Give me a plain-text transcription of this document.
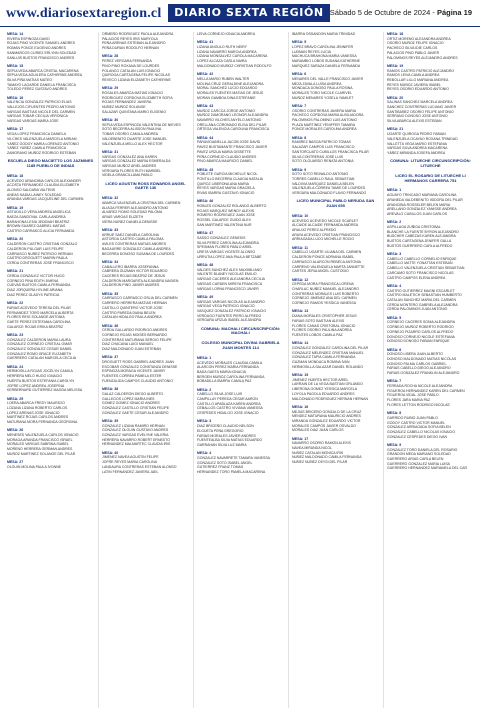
www.diariosextaregion.cl	DIARIO SEXTA REGIÓN Sábado 5 de Octubre de 2024 - Página 19
MESA: 14
RIVERA ESPINOZA DAVID
ROJAS PINO VICENTE SAMUEL ANDRES
ROMAN PONCE EUGENIO ANDRES
SANMARCOS CURIEZ ERLYNN SOLEDAD
SANLUIS BUSTOS FRANCISCO ANDRES
MESA: 15
SEPULVEDA ABARCA CRISTAL MACARENA
SEPULVEDA AGUILERA CATHERINE ANDREA
SILVA PIÑA MATIAS MATEO
TAMAYO LAGARDE DANIELA FRANCISCA
TOLEDO PEREZ GUSTAVO ANDRES
MESA: 16
VALENCIA GONZALEZ PATRICIO ELIAS
VALLEJOS CIFUENTES PEDRO ANTONIO
VARGAS BASTIAS NICOLE DEL CARMEN
VARGAS TOBAR CECILIA VERONICA
VARGAS VARGAS MARIA JOSE
MESA: 17
VEGA LOPEZ FRANCISCA DANIELA
VILCHES VALENZUELA MARCELA MIRIAM
YÁÑEZ GODOY MARIA LORENZO ANTONIO
YÁÑEZ YÁÑEZ CAMILA FRANCISCA
ZAMORANO MUÑOZ RODRIGO ESTEBAN
ESCUELA DIEGO MACIETTO LOS JAZMINES 1185 PUEBLO DE INDIAS
MESA: 18
ACEVEDO ARANCIBIA CARLOS ALEXANDER
ACOSTA FERNANDEZ CLAUDIA ELIZABETH
ALONSO SALDAÑA VALTENS
ANEAS NADIA LAINEY SOLEDAD
ARANDA VARGAS JACQUELINE DEL CARMEN
MESA: 19
ASTUDILLO VERA ANDREA ANGELICA
BAEZA SANDOVAL CARLA ANDREA
BARAHONA LEIVA JEDIDIAH BEATRIZ
BROWN SUAREZ GABRIEL MATIAS
CASTRO CARRASCO ALICIA FERNANDA
MESA: 20
CALDERON CASTRO CRISTIAN GONZALO
CALDERON PULGAR LUIS FELIPE
CARRASCO NUÑEZ PATRICIO HERNAN
CASTRO DROGUETT MAIRIN PAULA
CERDA CONTRERAS JOSE FRANCISCO
MESA: 21
CERDA GONZALEZ VICTOR HUGO
CORNEJO PINA EDITH JIMENA
CUEVAS BUSTOS CAMILA FERNANDA
DIAZ JORQUERA HYLINE ARIANA
DIAZ PEREZ GLADYS PATRICIA
MESA: 22
FARIAS ACEVEDO TERESA DEL PILAR
FERNANDEZ TORO MARCELA ALBERTA
FLORES REIG SOLANGE ANTONIA
GAETE PEREZ ESTEFANIA CAROLINA
GALARCE ROJAS ERIKA BEATRIZ
MESA: 23
GONZALEZ CALDERON MARIA LAURA
GONZALEZ CORNEJO CRISTIAL OMAR
GONZALEZ GONZALEZ CESAR DANIEL
GONZALEZ ROMO GRACE ELIZABETH
GUERRERO CATALAN MARCELA CECILIA
MESA: 24
HERMOSILLA ROJAS JOCELYN CAMILA
HERRERA MELO HUGO IGNACIO
HUERTA BUSTOS ESTEFANIA CAROLYN
JOFRE LOPEZ ANDREA JOSEFINA
KERBERNARD GUTIERREZ MAGDA MELISSA
MESA: 25
LOERA ABARCA FREDY MAURICIO
LOZANA LIZANA ROBERTO CARLOS
LOPEZ ARENAS JOSE IGNACIO
MARTINEZ ROJAS CARLOS ANDRES
MATURANA MORA FERNANDA GEORGINA
MESA: 26
MENESES VALENZUELA CARLOS IGNACIO
MORAGA ARANDA FRANCISCO ISRAEL
MORALES VARGAS SABRINA ISABEL
MORENO HERRERA GERMAN ANDRES
MUÑOZ MARTINEZ SOLANGE DEL PILAR
MESA: 27
OLGUIN MOLINA PAULA IVONNE
ORMEÑO RODRIGUEZ PAOLA ALEJANDRA
PALACIOS REYES IRIS MARYOLA
PEÑA ARENAS ESTEBAN ALEJANDRO
PEÑA DURAN RODOLFO HERNAN
MESA: 28
PEREZ VERGARA FERNANDA
PINO PINO ROXANA DE LOURDES
POLANCO CATALAN LUIS IGNACIO
QUIROGA CARTAGENA FELIPE NICOLAS
REVECO LIZANA ELIZABETH CATHERINE
MESA: 29
ROSALES ABARCA MATIAS IGNACIO
RODRIGUEZ CORDOVA ELIZABETH SOFIA
ROJAS FERNANDEZ JAVIERA
NUÑEZ MUÑOZ SOLANGE
SALAZAR QUINTANA MARIO EUGENIO
MESA: 30
SEPULVEDA ESPINOZA VALENTINA DE NIEVES
SOTO BECERRA ALISSON PAULINA
TOBAR OSORIO CAMILA ANDREA
VALDEBENITO DUARTE JOSE MANUEL
VALENZUELA MELLO ALEX HECTOR
MESA: 31
VARGAS GONZALEZ ANA KAREN
VARGAS GONZALEZ MARIA ESMERALDA
VARGAS MUÑOZ ARIEL ANDRES
VERGARA FLORES RUTH MARIBEL
VIDELA GRANCILLAMA PABLO
LICEO AGUSTIN ROSS EDWARDS ANGEL GAETE 136
MESA: 32
ABARCA VALENZUELA CRISTINA DEL CARMEN
ALIAGA FERRER ALEJANDRO ANTONIO
ALVAREZ ROMO SOLEDAD PALOMA
ARIAS VARGAS ELIZETH
VIERA NUÑEZ DANIELA DENISSE
MESA: 33
ARRUE SAEZ DANIELA CAROLINA
ASTORGA CASTRO CAMILA PALOMA
AVILES CONTRERAS MATIAS ANDRES
BAGAURRE GONZALEZ CAMILA ANDREA
BECERRA DONOSO SUSANA DE LOURDES
MESA: 34
CABALLERO IBARRA JOSEFANNA
CABRERA GUZMAN VICTOR EDUARDO
CACERES ROJAS BEATRIZ DE JESUS
CALDERON MARGARITA ALEJANDRA NAGIEN
CALDERON PINO JAVIER ANDRES
MESA: 35
CARRASCO CARRASCO OSLIA DEL CARMEN
CARRERO HERRERA MATIAS HERNAN
CASTILLO QUINTERO VICTOR JOSE
CASTRO PAREDA DIANA BELEN
CATALAN HIDALGO PAULA ANDREA
MESA: 36
CERDA GALLARDO RODRIGO ANDRES
CORNEJO ROJAS MOISES BERNARDO
CONTRERAS MATURANA SERGIO FELIPE
DIAZ CHACANA LUIGI MANUEL
DIAZ MALDONADO JUAN ESTEBAN
MESA: 37
DROGUETT ROSS GABRIEL ANDRES JUAN
ESCOBAR GONZALEZ CONSTANZA DENISSE
ESPINOZA MORAGA VICENTE JAVIER
FUENTES CORREA PAMELA ESTER
FUENZALIDA CAMPOS CLAUDIO ANTONIO
MESA: 38
GALAZ CALDERON DIEGO ALBERTO
GALLEGOS LOPEZ MARIA INES
GOMEZ GOMEZ IGNACIO ANDRES
GONZALEZ CASTILLO CRISTIAN FELIPE
GONZALEZ GAETE CESAR ALEJANDRO
MESA: 39
GONZALEZ LIZANA RAMIRO HERNAN
GONZALEZ OLGUIN GUSTAVO ANDRES
GONZALEZ VARGAS EVELYNE VALERIA
HERRERA NAVARRO ROBERT ERNESTO
HERNANDEZ MALMARTEC CLAUDIA IRIS
MESA: 40
JIMENEZ NAVEA AGUSTIN FELIPE
JOFRE REYES MARIA CAROLINA
LANDAURA CONTRERAS ESTEBAN ALONSO
LATIN FERNANDEZ JAVIERA JAEL
LEIVA CORNEJO IGNACIA ANDREA
MESA: 41
LIZANA ANGULO RUTH NEIRY
LIZANA NAVARRO MARCIA ANDREA
LIZANA MONSALVEZ CAROLA MACARENA
LOPEZ ALCAZA CARLA NAIRA
MALDONADO MUÑOZ CHRISTIAN RODOLFO
MESA: 42
MELLA MARIO RUBEN WALTER
MOLINA CRUZ GERALDINE ALEJANDRA
MORAL SANCHEZ LUCIO EDGARDO
MORALES FUENTES MATIAS DE JESUS
MORAN GAMBOA DINA ESTEFANIE
MESA: 43
MUÑOZ CARCCA JORGE ANTONIO
MUÑOZ ZAMORANO LEONOR ALEJANDRA
NAVARRO VILCHES ANYELO ANTONIO
ORELLANA CORONADO ELISA DEL PILAR
ORTEGA VALENCIA CAROLINA FRANCISCA
MESA: 44
PARAVIDIANELLA JACOB JOSE DAVID
PAVEZ BUSTAMANTE FRANCISCO JAVIER
PAVEZ URZUA MARIA GISSETTE
PEÑA CORNEJO CLAUDIO ANDRES
PINO ABARCA MAURICIO DANIEL
MESA: 45
POBLETE GARCIA MICHELLE NICOL
PONTILLO BECERRA CLAUDIA NATALIA
QUIROZ LIBERONA ANA MARIA
REYES VARGAS MARIA GRACIELA
RIVAS IBARRA GUSTAVO IGNACIO
MESA: 46
ROBLES GONZALEZ ROLANDO ALBERTO
ROJAS MARQUEZ WENDY ALEXIS
ROMERO RODRIGUEZ JUAN JOSE
ROSSEL GALARCE GUIDO ALEX
SAN MARTINEZ VALENTINA NUR
MESA: 47
SASSO GONZALEZ GENESIS
SILVA PEREZ CAROLINA ALEJANDRA
SPESMAN FLORES PABLO ARIEL
URETA VARGAS VICENTE ALONSO
URRUTIA LOPEZ ANA PAULA BETZABE
MESA: 48
VALDES SANCHEZ ALEX MAXIMILIANO
VALENTE BLANEY NICOLAS EMILIO
VARGAS CACERES ALEJANDRA CECILIA
VARGAS CARDEN MIREYA FRANCISCA
VARGAS LORNA FRANCISCO JAVIER
MESA: 49
VARGAS VARGAS NICOLAS ALEJANDRO
VARGAS VEGA PATRICIO IGNACIO
VASQUEZ GONZALEZ PATRICIO IGNACIO
VERDUGO FUENTES PIERO ALFREDO
VERGARA URZUA ISABEL ALEJANDRA
COMUNA: MACHALI CIRCUNSCRIPCIÓN: MACHALI
COLEGIO MUNICIPAL DIVINA GABRIELA JUAN MONTES 114
MESA: 1
ACEVEDO MORALES CLAUDIA CAMILA
ALARCON PEREZ MARIA FERNANDA
BADA GAETA MARIA IGNACIA
BERGEN MUÑOZ CAROLINA FERNANDA
BOBADILLA IBARRA CAMILA PAZ
MESA: 2
CABELLO SILVA JOSE LUIS
CAMPILLAY PEREDA CESAR AARON
CASTILLO APABLAZA KAREN ANDREA
CEBALLOS CASTRO VIVIANA VANESSA
CESPEDES HIDALGO JOSE IGNACIO
MESA: 3
DIAZ BRICEÑO CLAUDIO NELSON
ELGUETA PEÑA GREGORIO
FARIAS MORALES JAVIER ANDRES
FUENTEALBA SILVA MATIAS EDUARDO
GARRAHAN SILVA LUZ MARIA
MESA: 4
GONZALEZ NAVARRETE TAMARA VANESSA
GONZALEZ SOTO ISABEL ANGEL
GUTIERREZ FRANZ TOMAS
HERNANDEZ TORO PAMELA MACARENA
IBARRA OSSANDON MARIA TRINIDAD
MESA: 5
LOPEZ BRAVO CAROLINA JENNIFER
LUDMAN REYES LUCIA
MACHUCA BRAHONA MARIA VANESSA
MARAMBIO LOBOS SUSANA KATHERINE
MARQUEZ SARAZA DANIELA FERNANDA
MESA: 6
MENARES DEL VALLE FRANCISCO JAVIER
MEZA ZAVALA LUISA ANDREA
MONDACA DONOSO PAULA ROSINA
MORALES TORO NICOLE CLARIVEL
MUÑOZ MENARES YOSELA YAMILET
MESA: 7
OSORIO CONTRERAS JAVIERA MARIA
PACHECO CORDOVA MARIA AUXILIADORA
PALOMINOS PALOMINO LUIS ANTONIO
PLAZA MARTINEZ YENIFFER TAMARA
PONCE MORALES CAROLINA ANDREA
MESA: 8
RAMIREZ BASOA PATRICIO TOMAS
SALAZAR CAMPOS LUIS FRANCISCO
SANTORCUATO CUBILLOS FRANCISCA PILAR
SILVA CONTRERAS JOSE LUIS
SOTO OLGUARDO RENATA ANTONIA
MESA: 9
SOTO SOTO REINALDO ANTONIO
TORRES CABELLO RAUL SEBASTIAN
VALDIVIA MARQUEZ DANIELA BELEN
VALENZUELA CORREA TAMIE DE LOURDES
VERGARA MALDONADO FLAVIO FERNANDO
LICEO MUNICIPAL PABLO NERUDA SAN JUAN 655
MESA: 10
ACEVEDO ACEVEDO NICOLE SCARLET
ALCAIDE ALCAIDE FERNANDA ANDREA
ARAUJO PEREZ ALFREDO
ARAYA ACEVEDO CRISTIAN FRANCISCO
ARRIAGADA LUCO MICHELLE ROCIO
MESA: 11
CABELLO UGARTE LILIANA DEL CARMEN
CALDERON PONCE ADRIANA ISABEL
CARRASCO ALARCON REBECA ANTONIA
CARRENO VALENZUELA MARTA JANNETTE
CARTES JERIA ANGEL CUSTODIO
MESA: 12
CEPEDA MORA FRANCISCA LORENA
CHARLAC NUÑEZ MANUEL ALEJANDRO
CONTRERAS MORALES LUIS ROBERTO
CORNEJO JIMENEZ ANA DEL CARMEN
CORNEJO RAMOS YESSICA VANESSA
MESA: 13
DIANA MORALES CRISTOPHER JESUS
FARIAS SOTO BASTIAN ALEXIS
FLORES CANAS CRISTOBAL IGNACIO
FLORES OSORIO PAULINA ANDREA
FUENTES LOBOS CAMILA PAZ
MESA: 14
GONZALEZ GONZALEZ CAROLINA DEL PILAR
GONZALEZ MELENDEZ CRISTIAN MANUEL
GONZALEZ TAPIA CAMILA FERNANDA
GUZMAN MONDACA ROMINA IVAN
HERMOSILLA SALAZAR DANIEL ROLANDO
MESA: 15
JIMENEZ HUERTA HECTOR ARIEL
LARRAIN DE LA VEGA BASTIAN ORLANDO
LIBERONA GOMEZ YESSICA MARCELA
LOYOLA PAGOLA EDUARDO ANDRES
MALDONADO RODRIGUEZ HERNAN HERNAN
MESA: 16
MEJIAS BRICEÑO GONZALO DE LA CRUZ
MENDEZ MATURANA MAURICIO ANDRES
MIRANDA GONZALEZ EDUARDO VICTOR
MORALES CAMPOS JAVIER OSVALDO
MORALES DIAZ JUAN CARLOS
MESA: 17
NAVARRO OSORIO RAMON ALEXIS
NAVEA MIRANDA NICOL
NUÑEZ CATALAN MONICA IRIS
NUÑEZ MALDONADO CAMILA FERNANDA
NUÑEZ NUÑEZ DEYSI DEL PILAR
MESA: 18
ORTIZ MORENO ALEJANDRA ANDREA
OSORIO MUÑOZ FELIPE IGNACIO
PACHECO SILVA IDIE CARLOS
PALACIOS PINO PABLO JAVIER
PALOMINOS REYES ALEJANDRO ANDRES
MESA: 19
RAMOS CASTRO PATRICIO ALEJANDRO
RAMOS LEIVA CAMILA ANDREA
REBOLLAR LILLO MARIANA ANDREA
REYES MUÑOZ JAVIERA ISABEL
REYES OSORIO EDUARDO ANTONIO
MESA: 20
SALINAS SANCHEZ MARCELA ANDREA
SANCHEZ CONTRERAS LUCIANO JAVIER
SANTIBAÑEZ OSORIO FELIPE ANTONIO
SERRANO DONOSO JOSE ANTONIO
SILVA ABARCA ALEXIS ESTEBAN
MESA: 21
UGARTE QUIROGA PEDRO FABIAN
VALENZUELA OCAYAO ROXANA TRINIDAD
VALLETTA VEGA MARIO ESTEFANIA
VARGAS SILVA ANDREA MACARENA
YÁÑEZ MIRANDA JOSEFA ANDREA
COMUNA: LITUECHE CIRCUNSCRIPCIÓN: LITUECHE
LICEO EL ROSARIO DE LITUECHE LI HERMANOS CARRERA 751
MESA: 1
AGUAYO TRINCADO MARIANA CAROLINA
ARANEDA VALDEBENITO ISIDORA DEL PILAR
ARANCIBIA ROSSELER BELEN MARIA
ARELLANO GONZALEZ YANISSE ANDREA
AREVALO CUBILLOS JUAN CARLOS
MESA: 2
ASPILLAGA ZUÑIGA CRISTOBAL
BLANCHE LA FUENTE BYRON ALEJANDRO
BUSCHER CABEZAS KAREN ALEJANDRA
BUSTOS CARTAGENA JENIFER GALLA
BUSTOS GUERRERO CARLA ALFREDO
MESA: 3
CABELLO CABELLO CORNELIO ENRIQUE
CABELLO MATTE YONATTAN ESTEBAN
CABELLO VALENZUELA CRISTIAN SEBASTIAN
CARCAMO SOTO FRANCISCO NICOLAS
CASTRO CAMPOS ELENA ANDREA
MESA: 4
CASTRO GUTIERREZ MAGNI ESCARLET
CASTRO MALETICH SEBASTIAN HUMBERTO
CATALAN SANCHEZ MARIA DEL CARMEN
CERDA MONTERO GABRIELA ALEJANDRA
CERDA PALOMINOS JUAN ANTONIO
MESA: 5
CORNEJO CACERES SONIA ALEJANDRA
CORNEJO MUÑOZ ROBERTO RODRIGO
CORNEJO PIZARRO CARLOS ALFREDO
DONOSO CORNEJO NICOLE ESTEFANIA
DONOSO DONOSO FABIAN ENRIQUE
MESA: 6
DONOSO LIBERA JUAN ALBERTO
DONOSO MALDONADO MATIAS NICOLAS
DONOSO PALMA CARLOS GABRIEL
FARIAS CABELLO DIEGO ALEJANDRO
FARIAS GONZALEZ FRANKLIN ALEJANDRO
MESA: 7
FERRADA ROCHA NICOLE ALEJANDRA
FIGUEROA HERNANDEZ KAREN DEL CARMEN
FIGUEROA VIDAL JOSE PABLO
FLORES JARA MARIA PAZ
FLORES LETTON RODRIGO NICOLAS
MESA: 8
GARRIDO RUBIO JUAN PABLO
GODOY CASTRO VICTOR MANUEL
GONZALEZ ARRIAGADA SOFIA BELEN
GONZALEZ CABELLO NICOLAS IGNACIO
GONZALEZ CESPEDES DIEGO IVAN
MESA: 9
GONZALEZ TORO DANIELA DEL ROSARIO
GRANDON MEDA MARIANO SOLEDAD
GUERRERO ARIAS CARLA BELEN
GUERRERO GONZALEZ MARIA LUISA
GUERRERO HERNANDEZ MARIANELA DEL CAR
